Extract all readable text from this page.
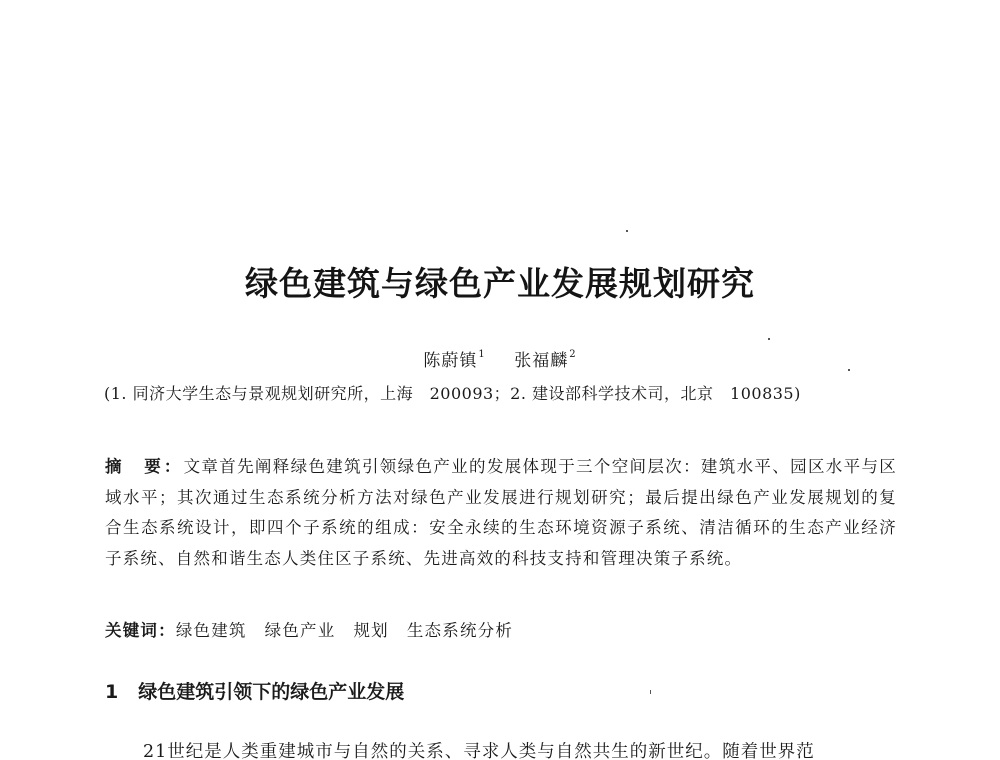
绿色建筑与绿色产业发展规划研究

陈蔚镇$^1$ 张福麟$^2$

(1. 同济大学生态与景观规划研究所，上海　200093；2. 建设部科学技术司，北京　100835)

摘　要：文章首先阐释绿色建筑引领绿色产业的发展体现于三个空间层次：建筑水平、园区水平与区域水平；其次通过生态系统分析方法对绿色产业发展进行规划研究；最后提出绿色产业发展规划的复合生态系统设计，即四个子系统的组成：安全永续的生态环境资源子系统、清洁循环的生态产业经济子系统、自然和谐生态人类住区子系统、先进高效的科技支持和管理决策子系统。

关键词：绿色建筑 绿色产业 规划 生态系统分析

1 绿色建筑引领下的绿色产业发展

21世纪是人类重建城市与自然的关系、寻求人类与自然共生的新世纪。随着世界范
